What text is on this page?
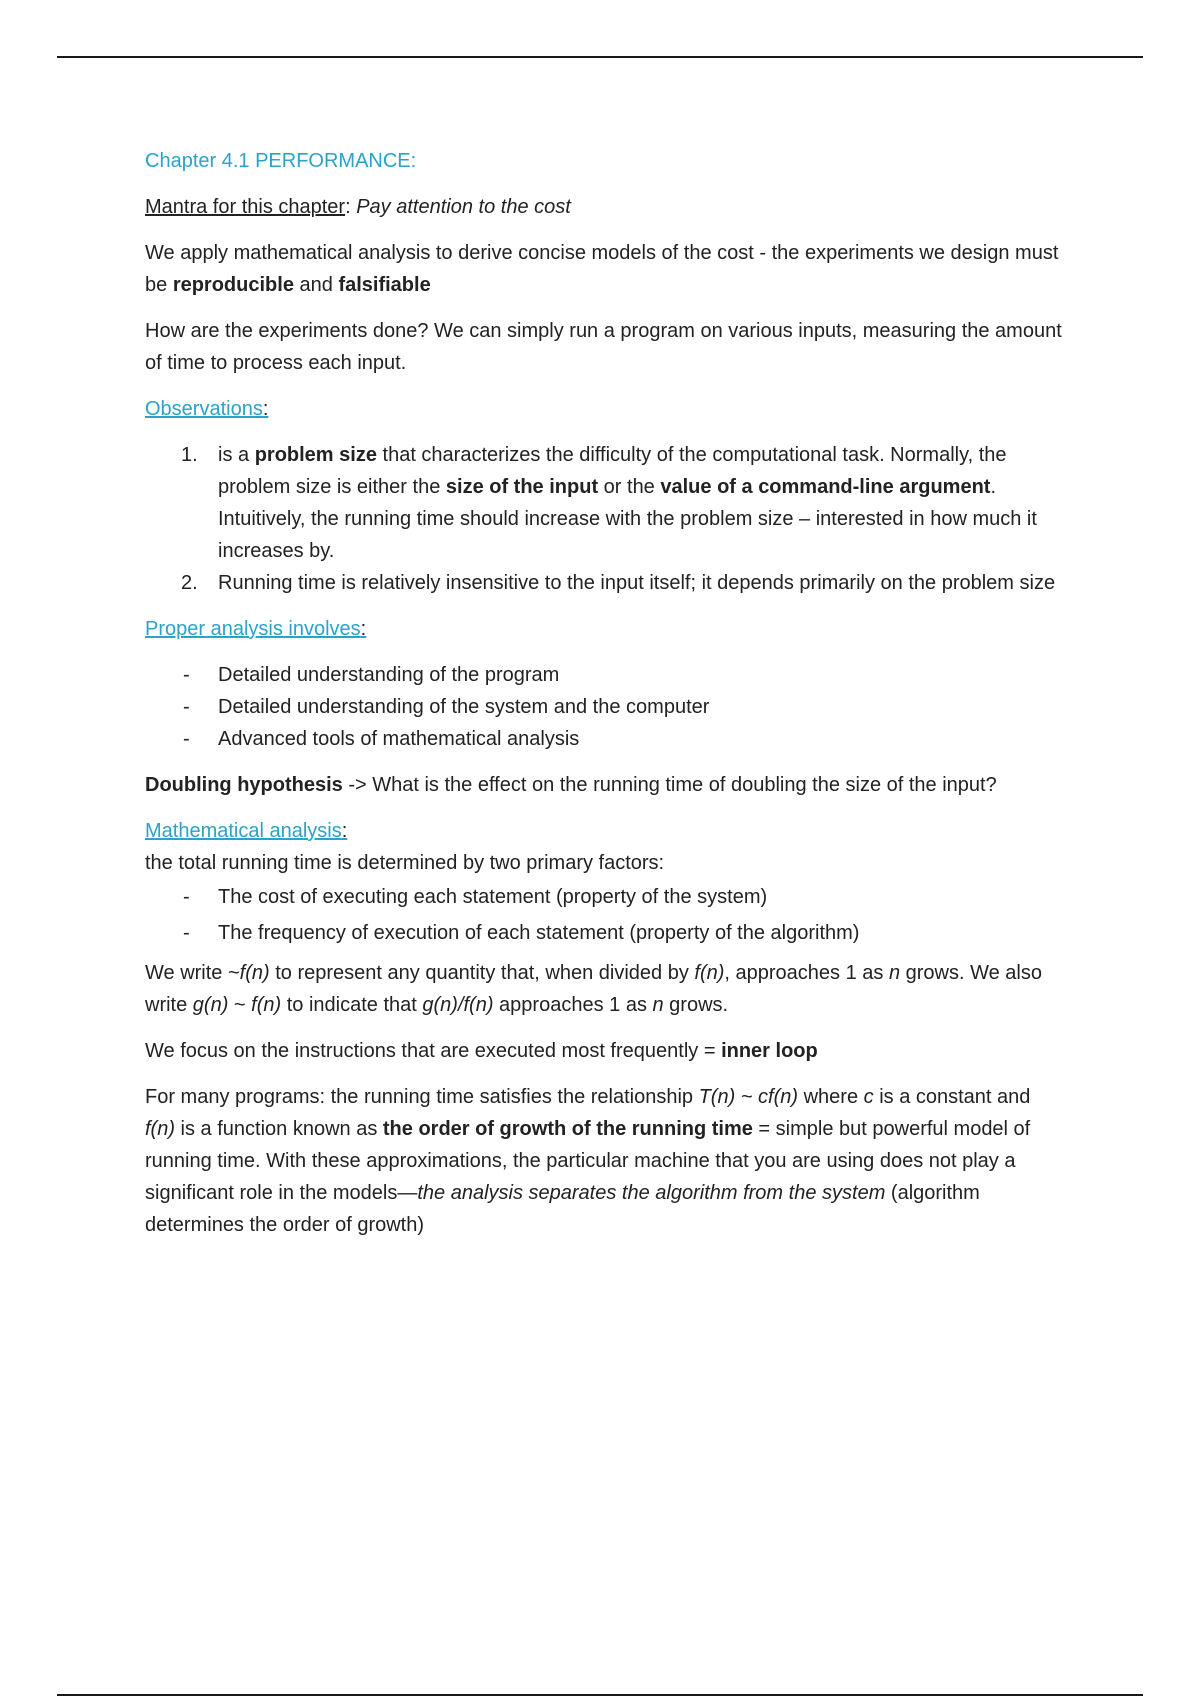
Chapter 4.1 PERFORMANCE:
Mantra for this chapter: Pay attention to the cost
We apply mathematical analysis to derive concise models of the cost - the experiments we design must be reproducible and falsifiable
How are the experiments done? We can simply run a program on various inputs, measuring the amount of time to process each input.
Observations:
1. is a problem size that characterizes the difficulty of the computational task. Normally, the problem size is either the size of the input or the value of a command-line argument. Intuitively, the running time should increase with the problem size – interested in how much it increases by.
2. Running time is relatively insensitive to the input itself; it depends primarily on the problem size
Proper analysis involves:
- Detailed understanding of the program
- Detailed understanding of the system and the computer
- Advanced tools of mathematical analysis
Doubling hypothesis -> What is the effect on the running time of doubling the size of the input?
Mathematical analysis:
the total running time is determined by two primary factors:
- The cost of executing each statement (property of the system)
- The frequency of execution of each statement (property of the algorithm)
We write ~f(n) to represent any quantity that, when divided by f(n), approaches 1 as n grows. We also write g(n) ~ f(n) to indicate that g(n)/f(n) approaches 1 as n grows.
We focus on the instructions that are executed most frequently = inner loop
For many programs: the running time satisfies the relationship T(n) ~ cf(n) where c is a constant and f(n) is a function known as the order of growth of the running time = simple but powerful model of running time. With these approximations, the particular machine that you are using does not play a significant role in the models—the analysis separates the algorithm from the system (algorithm determines the order of growth)
